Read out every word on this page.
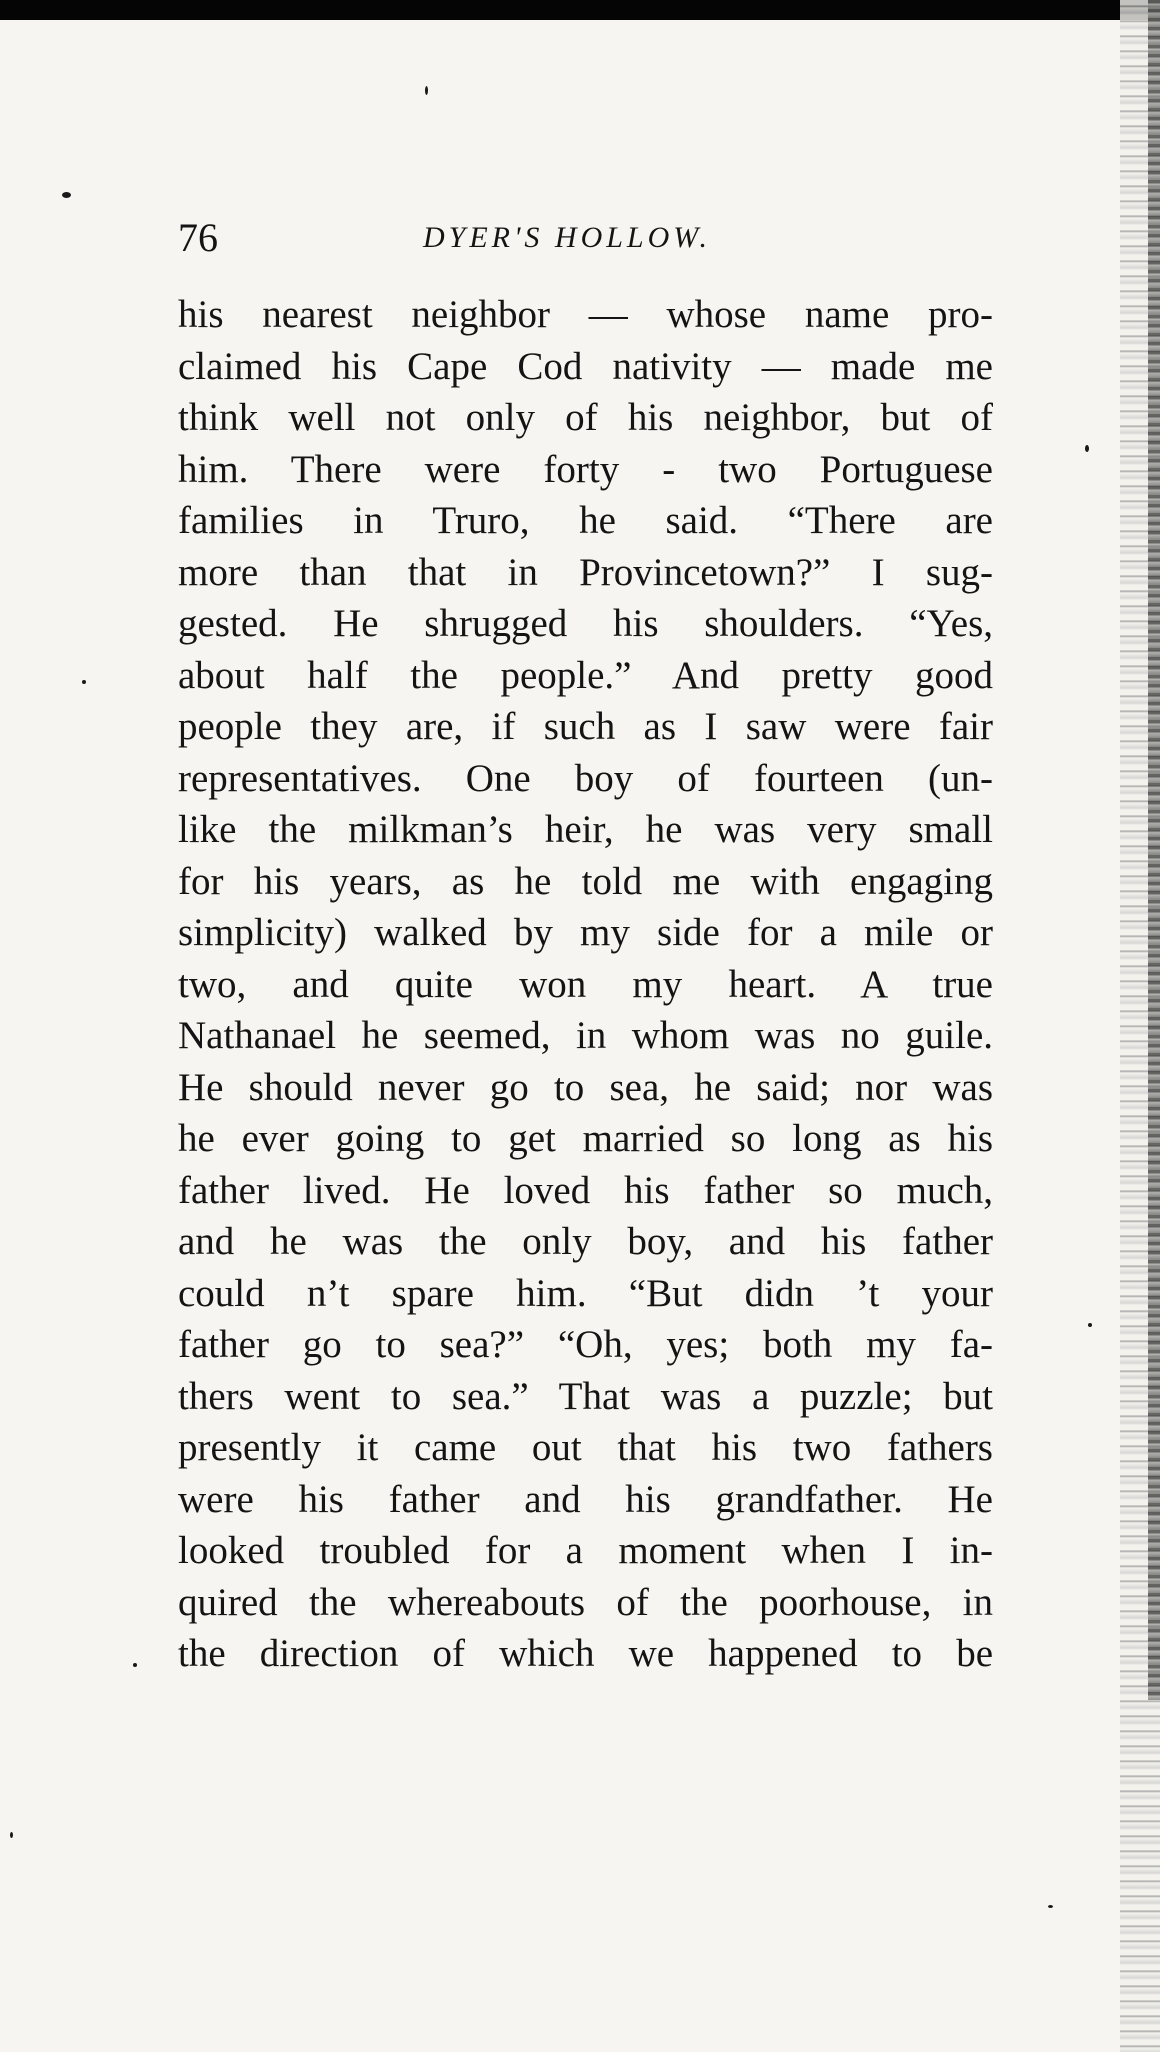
76	DYER'S HOLLOW.
his nearest neighbor — whose name pro-
claimed his Cape Cod nativity — made me
think well not only of his neighbor, but of
him. There were forty - two Portuguese
families in Truro, he said. “There are
more than that in Provincetown?” I sug-
gested. He shrugged his shoulders. “Yes,
about half the people.” And pretty good
people they are, if such as I saw were fair
representatives. One boy of fourteen (un-
like the milkman’s heir, he was very small
for his years, as he told me with engaging
simplicity) walked by my side for a mile or
two, and quite won my heart. A true
Nathanael he seemed, in whom was no guile.
He should never go to sea, he said; nor was
he ever going to get married so long as his
father lived. He loved his father so much,
and he was the only boy, and his father
could n’t spare him. “But didn ’t your
father go to sea?” “Oh, yes; both my fa-
thers went to sea.” That was a puzzle; but
presently it came out that his two fathers
were his father and his grandfather. He
looked troubled for a moment when I in-
quired the whereabouts of the poorhouse, in
the direction of which we happened to be
